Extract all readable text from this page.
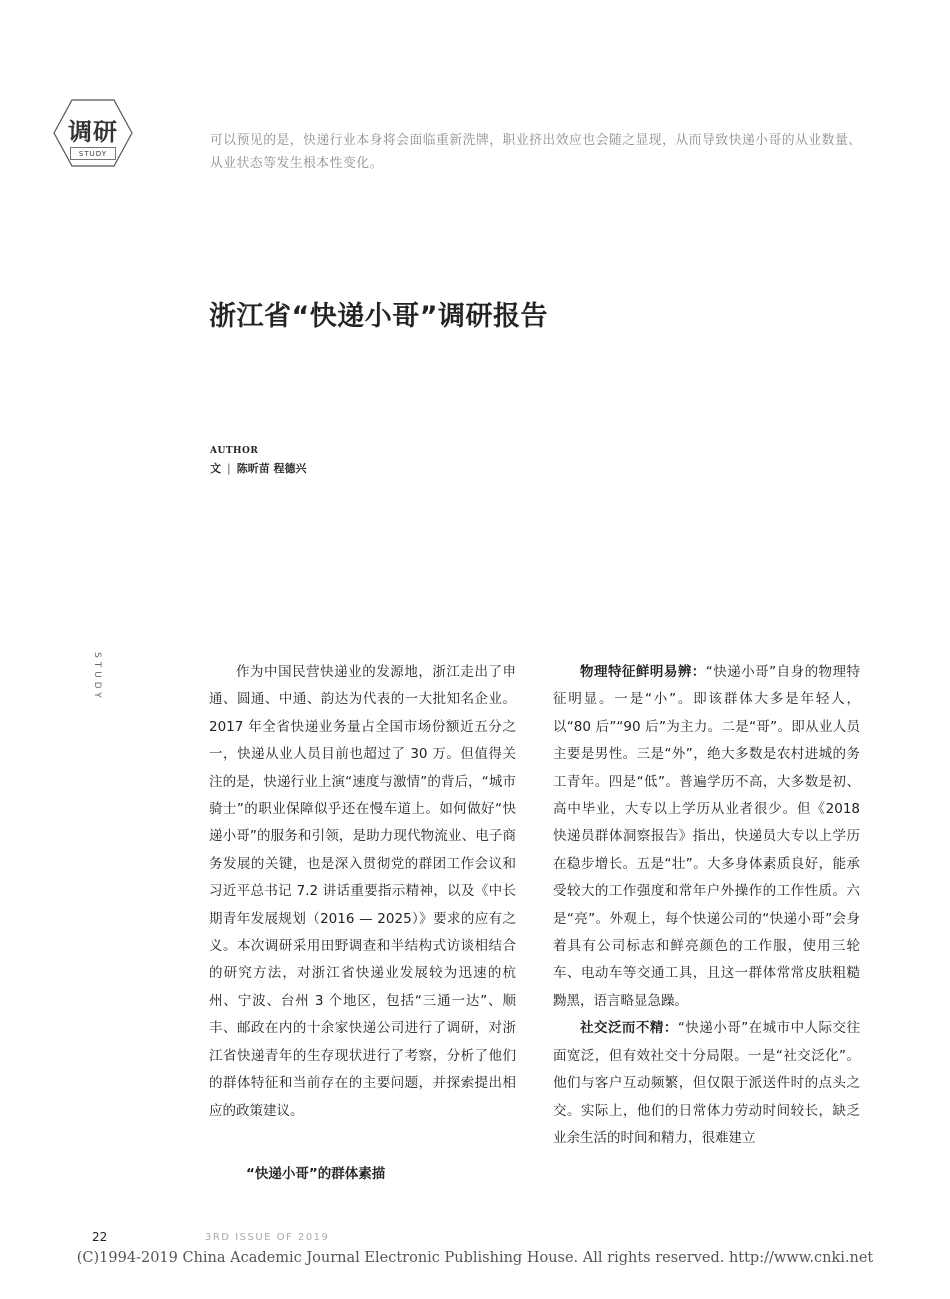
调研
STUDY
可以预见的是，快递行业本身将会面临重新洗牌，职业挤出效应也会随之显现，从而导致快递小哥的从业数量、从业状态等发生根本性变化。
浙江省“快递小哥”调研报告
AUTHOR
文 | 陈昕苗 程德兴
STUDY	作为中国民营快递业的发源地，浙江走出了申通、圆通、中通、韵达为代表的一大批知名企业。2017 年全省快递业务量占全国市场份额近五分之一，快递从业人员目前也超过了 30 万。但值得关注的是，快递行业上演“速度与激情”的背后，“城市骑士”的职业保障似乎还在慢车道上。如何做好“快递小哥”的服务和引领，是助力现代物流业、电子商务发展的关键，也是深入贯彻党的群团工作会议和习近平总书记 7.2 讲话重要指示精神，以及《中长期青年发展规划（2016 — 2025）》要求的应有之义。本次调研采用田野调查和半结构式访谈相结合的研究方法，对浙江省快递业发展较为迅速的杭州、宁波、台州 3 个地区，包括“三通一达”、顺丰、邮政在内的十余家快递公司进行了调研，对浙江省快递青年的生存现状进行了考察，分析了他们的群体特征和当前存在的主要问题，并探索提出相应的政策建议。

“快递小哥”的群体素描

物理特征鲜明易辨：“快递小哥”自身的物理特征明显。一是“小”。即该群体大多是年轻人，以“80 后”“90 后”为主力。二是“哥”。即从业人员主要是男性。三是“外”，绝大多数是农村进城的务工青年。四是“低”。普遍学历不高，大多数是初、高中毕业，大专以上学历从业者很少。但《2018 快递员群体洞察报告》指出，快递员大专以上学历在稳步增长。五是“壮”。大多身体素质良好，能承受较大的工作强度和常年户外操作的工作性质。六是“亮”。外观上，每个快递公司的“快递小哥”会身着具有公司标志和鲜亮颜色的工作服，使用三轮车、电动车等交通工具，且这一群体常常皮肤粗糙黝黑，语言略显急躁。

社交泛而不精：“快递小哥”在城市中人际交往面宽泛，但有效社交十分局限。一是“社交泛化”。他们与客户互动频繁，但仅限于派送件时的点头之交。实际上，他们的日常体力劳动时间较长，缺乏业余生活的时间和精力，很难建立

22	3RD ISSUE OF 2019
(C)1994-2019 China Academic Journal Electronic Publishing House. All rights reserved. http://www.cnki.net
